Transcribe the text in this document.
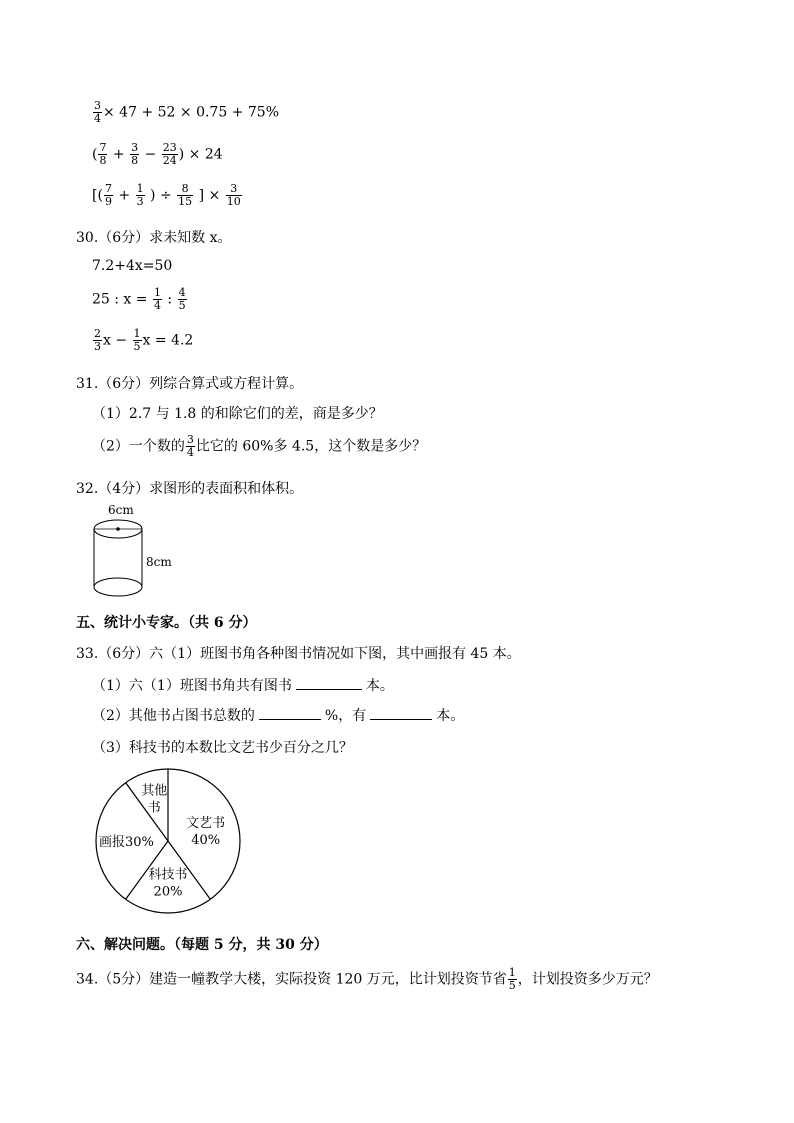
$\frac{3}{4} \times 47 + 52 \times 0.75 + 75\%$
( $\frac{7}{8} + \frac{3}{8} - \frac{23}{24}$ ) × 24
[( $\frac{7}{9} + \frac{1}{3}$ ) ÷ $\frac{8}{15}$ ] × $\frac{3}{10}$
30.（6分）求未知数 x。
7.2+4x=50
25 : $x = \frac{1}{4}$ : $\frac{4}{5}$
$\frac{2}{3}$ $x - \frac{1}{5}$ x = 4.2
31.（6分）列综合算式或方程计算。
（1）2.7 与 1.8 的和除它们的差，商是多少？
（2）一个数的 $\frac{3}{4}$ 比它的 60%多 4.5，这个数是多少？
32.（4分）求图形的表面积和体积。
6cm
8cm
五、统计小专家。（共 6 分）
33.（6分）六（1）班图书角各种图书情况如下图，其中画报有 45 本。
（1）六（1）班图书角共有图书	本。
（2）其他书占图书总数的	%，有	本。
（3）科技书的本数比文艺书少百分之几？
文艺书
40%
科技书
20%
画报30%
其他
书
六、解决问题。（每题 5 分，共 30 分）
34.（5分）建造一幢教学大楼，实际投资 120 万元，比计划投资节省 $\frac{1}{5}$ ，计划投资多少万元？
